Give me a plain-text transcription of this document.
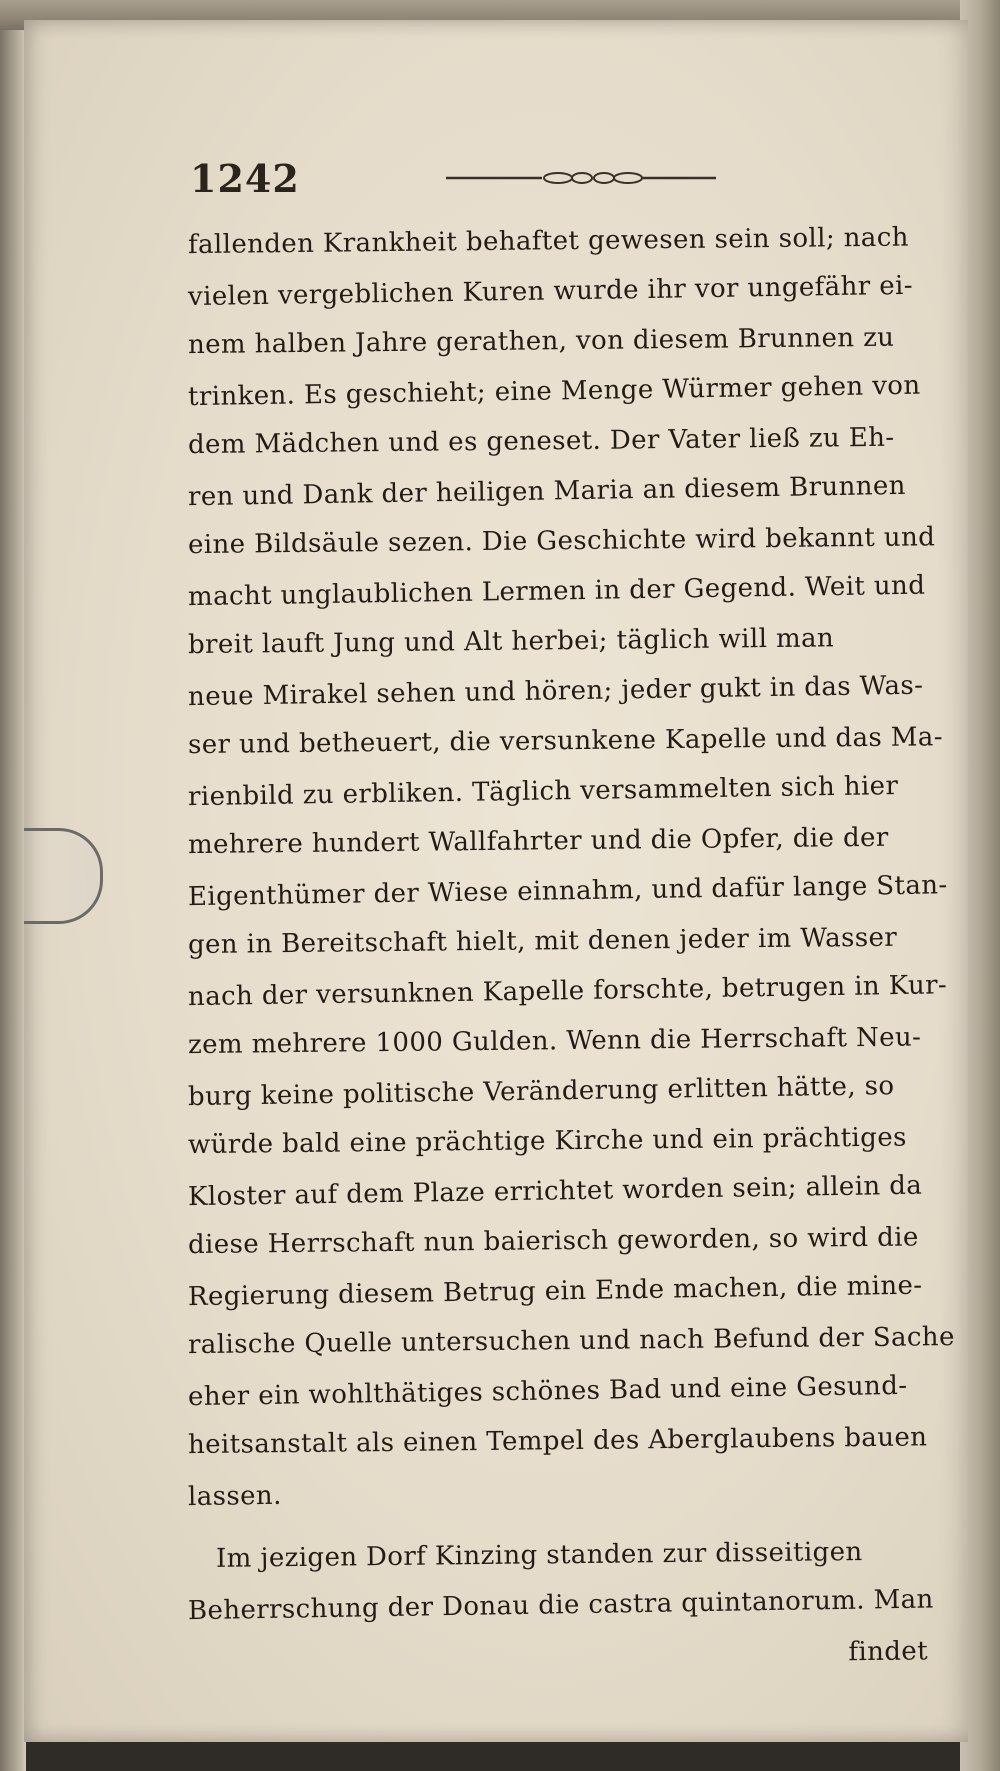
1242
fallenden Krankheit behaftet gewesen sein soll; nach
vielen vergeblichen Kuren wurde ihr vor ungefähr ei-
nem halben Jahre gerathen, von diesem Brunnen zu
trinken. Es geschieht; eine Menge Würmer gehen von
dem Mädchen und es geneset. Der Vater ließ zu Eh-
ren und Dank der heiligen Maria an diesem Brunnen
eine Bildsäule sezen. Die Geschichte wird bekannt und
macht unglaublichen Lermen in der Gegend. Weit und
breit lauft Jung und Alt herbei; täglich will man
neue Mirakel sehen und hören; jeder gukt in das Was-
ser und betheuert, die versunkene Kapelle und das Ma-
rienbild zu erbliken. Täglich versammelten sich hier
mehrere hundert Wallfahrter und die Opfer, die der
Eigenthümer der Wiese einnahm, und dafür lange Stan-
gen in Bereitschaft hielt, mit denen jeder im Wasser
nach der versunknen Kapelle forschte, betrugen in Kur-
zem mehrere 1000 Gulden. Wenn die Herrschaft Neu-
burg keine politische Veränderung erlitten hätte, so
würde bald eine prächtige Kirche und ein prächtiges
Kloster auf dem Plaze errichtet worden sein; allein da
diese Herrschaft nun baierisch geworden, so wird die
Regierung diesem Betrug ein Ende machen, die mine-
ralische Quelle untersuchen und nach Befund der Sache
eher ein wohlthätiges schönes Bad und eine Gesund-
heitsanstalt als einen Tempel des Aberglaubens bauen
lassen.
Im jezigen Dorf Kinzing standen zur disseitigen
Beherrschung der Donau die castra quintanorum. Man
findet
